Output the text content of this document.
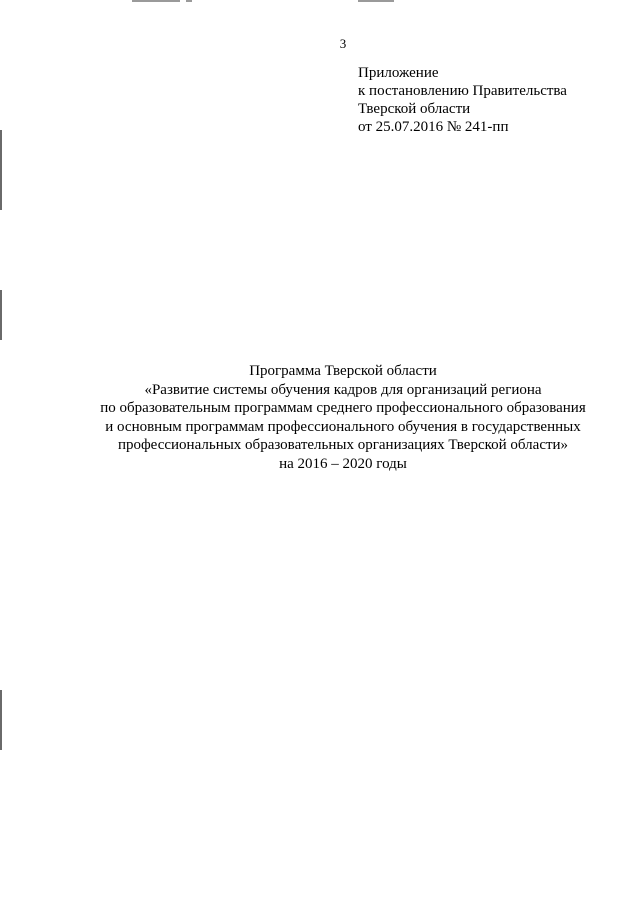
3
Приложение
к постановлению Правительства
Тверской области
от 25.07.2016 № 241-пп
Программа Тверской области
«Развитие системы обучения кадров для организаций региона
по образовательным программам среднего профессионального образования
и основным программам профессионального обучения в государственных
профессиональных образовательных организациях Тверской области»
на 2016 – 2020 годы
